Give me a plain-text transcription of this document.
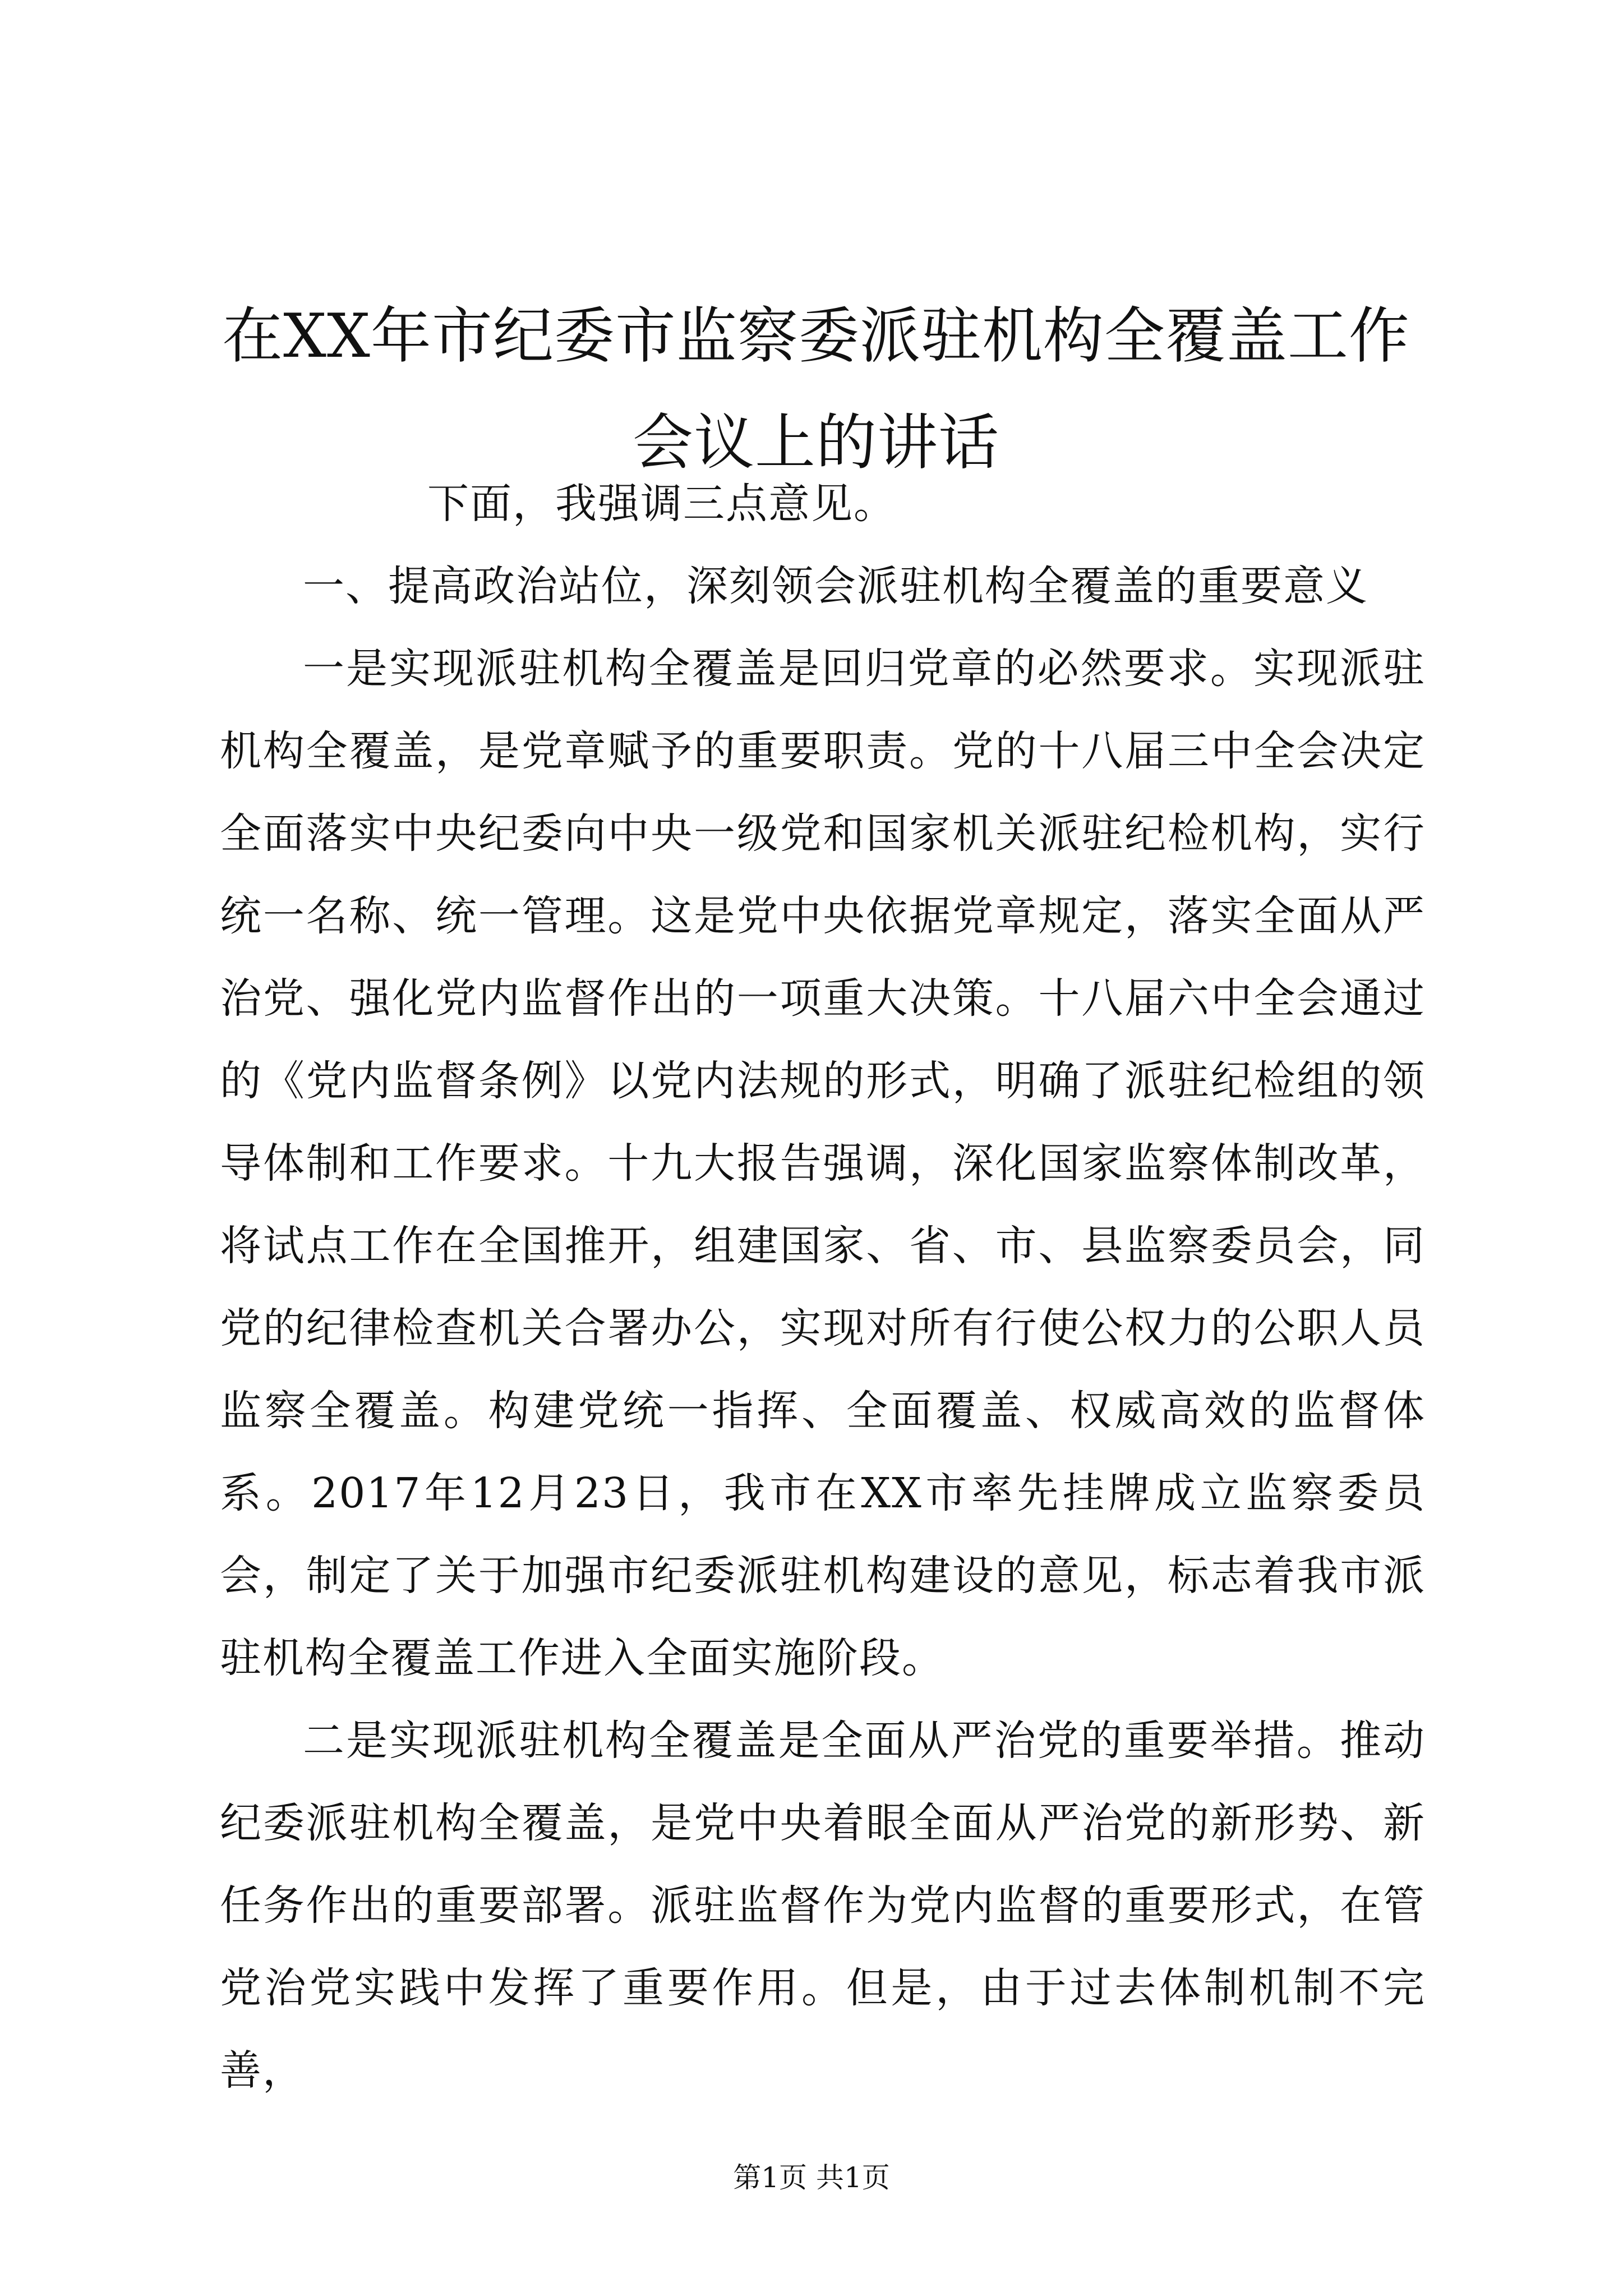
在XX年市纪委市监察委派驻机构全覆盖工作
会议上的讲话

下面，我强调三点意见。

一、提高政治站位，深刻领会派驻机构全覆盖的重要意义

一是实现派驻机构全覆盖是回归党章的必然要求。实现派驻机构全覆盖，是党章赋予的重要职责。党的十八届三中全会决定全面落实中央纪委向中央一级党和国家机关派驻纪检机构，实行统一名称、统一管理。这是党中央依据党章规定，落实全面从严治党、强化党内监督作出的一项重大决策。十八届六中全会通过的《党内监督条例》以党内法规的形式，明确了派驻纪检组的领导体制和工作要求。十九大报告强调，深化国家监察体制改革，将试点工作在全国推开，组建国家、省、市、县监察委员会，同党的纪律检查机关合署办公，实现对所有行使公权力的公职人员监察全覆盖。构建党统一指挥、全面覆盖、权威高效的监督体系。2017年12月23日，我市在XX市率先挂牌成立监察委员会，制定了关于加强市纪委派驻机构建设的意见，标志着我市派驻机构全覆盖工作进入全面实施阶段。

二是实现派驻机构全覆盖是全面从严治党的重要举措。推动纪委派驻机构全覆盖，是党中央着眼全面从严治党的新形势、新任务作出的重要部署。派驻监督作为党内监督的重要形式，在管党治党实践中发挥了重要作用。但是，由于过去体制机制不完善，

第1页 共1页
